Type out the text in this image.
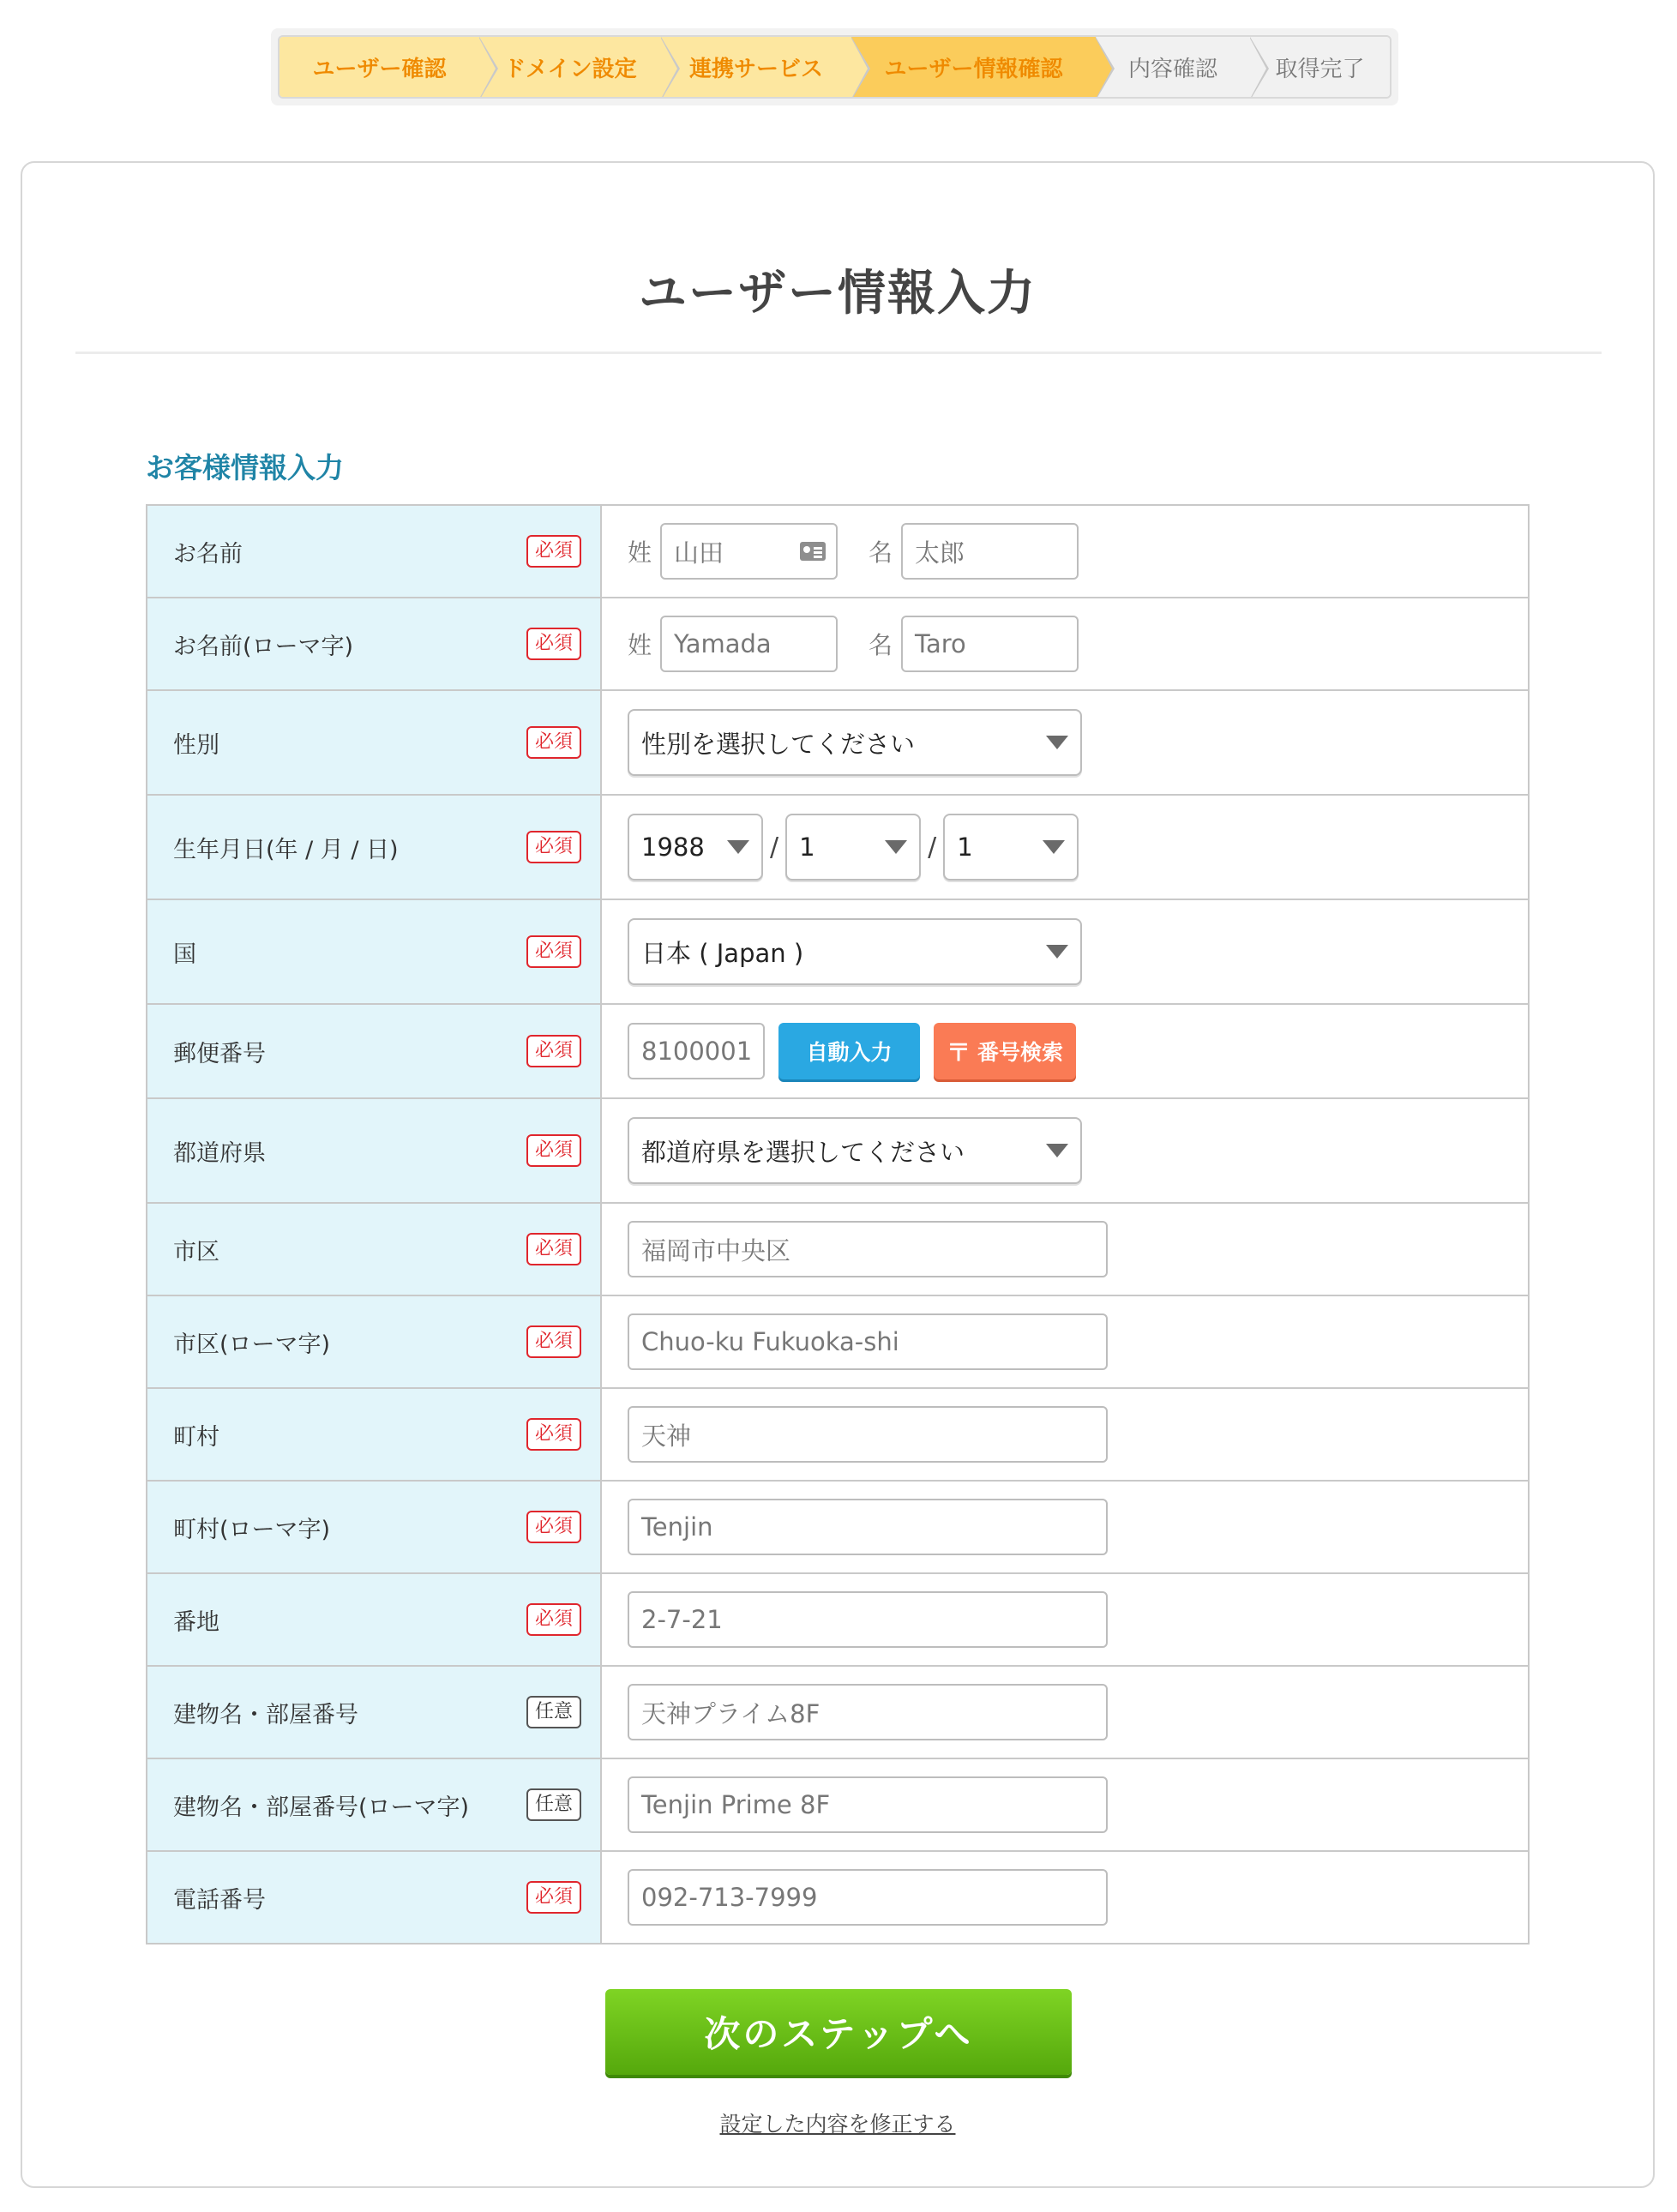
ユーザー確認	ドメイン設定 連携サービス	ユーザー情報確認	内容確認	取得完了
ユーザー情報入力
お客様情報入力
お名前	必須	姓 山田	名 太郎
お名前(ローマ字)	必須	姓 Yamada	名 Taro
性別	必須	性別を選択してください
生年月日(年 / 月 / 日)	必須	1988	/ 1	/ 1
国	必須	日本 ( Japan )
郵便番号	必須	8100001	自動入力	〒 番号検索
都道府県	必須	都道府県を選択してください
市区	必須	福岡市中央区
市区(ローマ字)	必須	Chuo-ku Fukuoka-shi
町村	必須	天神
町村(ローマ字)	必須	Tenjin
番地	必須	2-7-21
建物名・部屋番号	任意	天神プライム8F
建物名・部屋番号(ローマ字)	任意	Tenjin Prime 8F
電話番号	必須	092-713-7999
次のステップへ
設定した内容を修正する
